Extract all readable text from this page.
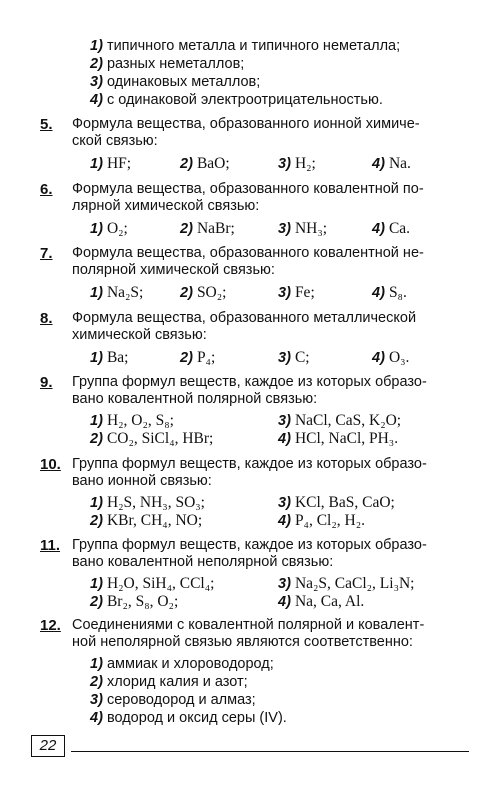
1) типичного металла и типичного неметалла;
2) разных неметаллов;
3) одинаковых металлов;
4) с одинаковой электроотрицательностью.
5. Формула вещества, образованного ионной химиче-
ской связью:
1) HF;	2) BaO;	3) H₂;	4) Na.
6. Формула вещества, образованного ковалентной по-
лярной химической связью:
1) O₂;	2) NaBr;	3) NH₃;	4) Ca.
7. Формула вещества, образованного ковалентной не-
полярной химической связью:
1) Na₂S;	2) SO₂;	3) Fe;	4) S₈.
8. Формула вещества, образованного металлической
химической связью:
1) Ba;	2) P₄;	3) C;	4) O₃.
9. Группа формул веществ, каждое из которых образо-
вано ковалентной полярной связью:
1) H₂, O₂, S₈;	3) NaCl, CaS, K₂O;
2) CO₂, SiCl₄, HBr;	4) HCl, NaCl, PH₃.
10. Группа формул веществ, каждое из которых образо-
вано ионной связью:
1) H₂S, NH₃, SO₃;	3) KCl, BaS, CaO;
2) KBr, CH₄, NO;	4) P₄, Cl₂, H₂.
11. Группа формул веществ, каждое из которых образо-
вано ковалентной неполярной связью:
1) H₂O, SiH₄, CCl₄;	3) Na₂S, CaCl₂, Li₃N;
2) Br₂, S₈, O₂;	4) Na, Ca, Al.
12. Соединениями с ковалентной полярной и ковалент-
ной неполярной связью являются соответственно:
1) аммиак и хлороводород;
2) хлорид калия и азот;
3) сероводород и алмаз;
4) водород и оксид серы (IV).
22
